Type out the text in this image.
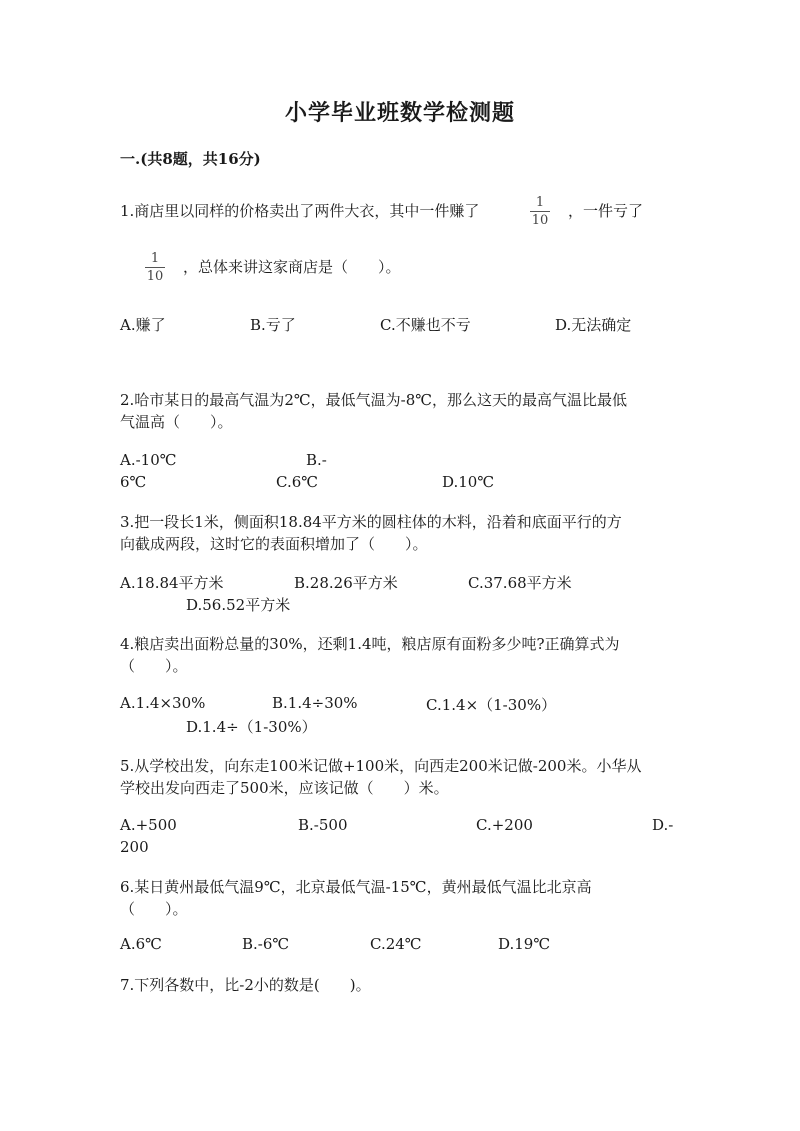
小学毕业班数学检测题
一.(共8题，共16分)
1.商店里以同样的价格卖出了两件大衣，其中一件赚了	1
10
，一件亏了
1
10
，总体来讲这家商店是（　　）。
A.赚了	B.亏了	C.不赚也不亏	D.无法确定
2.哈市某日的最高气温为2℃，最低气温为-8℃，那么这天的最高气温比最低
气温高（　　）。
A.-10℃	B.-
6℃	C.6℃	D.10℃
3.把一段长1米，侧面积18.84平方米的圆柱体的木料，沿着和底面平行的方
向截成两段，这时它的表面积增加了（　　）。
A.18.84平方米	B.28.26平方米	C.37.68平方米
D.56.52平方米
4.粮店卖出面粉总量的30%，还剩1.4吨，粮店原有面粉多少吨?正确算式为
（　　）。
A.1.4×30%	B.1.4÷30%	C.1.4×（1-30%）
D.1.4÷（1-30%）
5.从学校出发，向东走100米记做+100米，向西走200米记做-200米。小华从
学校出发向西走了500米，应该记做（　　）米。
A.+500	B.-500	C.+200	D.-
200
6.某日黄州最低气温9℃，北京最低气温-15℃，黄州最低气温比北京高
（　　）。
A.6℃	B.-6℃	C.24℃	D.19℃
7.下列各数中，比-2小的数是(　　)。
